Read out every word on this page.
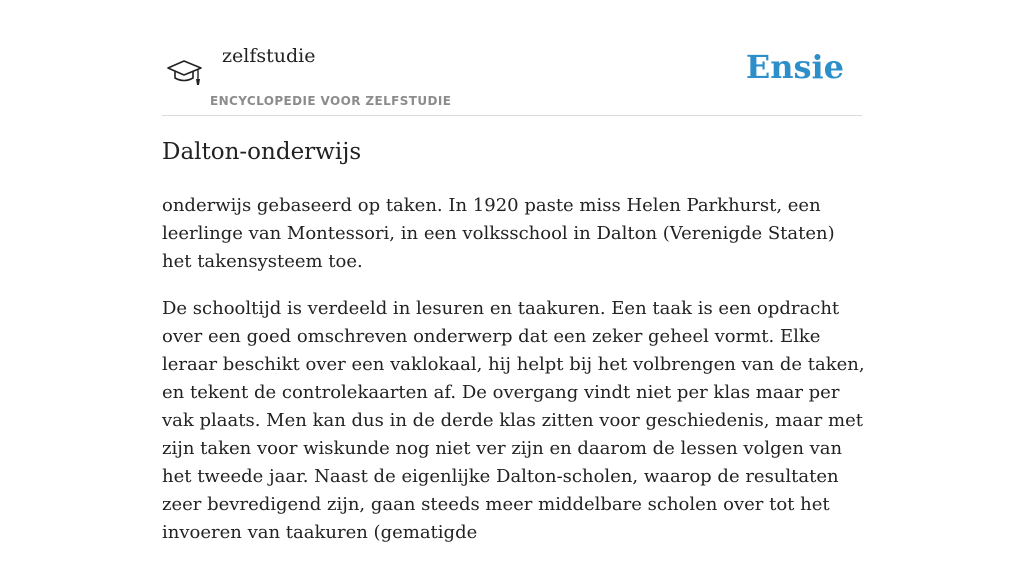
zelfstudie
ENCYCLOPEDIE VOOR ZELFSTUDIE
Ensie
Dalton-onderwijs

onderwijs gebaseerd op taken. In 1920 paste miss Helen Parkhurst, een leerlinge van Montessori, in een volksschool in Dalton (Verenigde Staten) het takensysteem toe.

De schooltijd is verdeeld in lesuren en taakuren. Een taak is een opdracht over een goed omschreven onderwerp dat een zeker geheel vormt. Elke leraar beschikt over een vaklokaal, hij helpt bij het volbrengen van de taken, en tekent de controlekaarten af. De overgang vindt niet per klas maar per vak plaats. Men kan dus in de derde klas zitten voor geschiedenis, maar met zijn taken voor wiskunde nog niet ver zijn en daarom de lessen volgen van het tweede jaar. Naast de eigenlijke Dalton-scholen, waarop de resultaten zeer bevredigend zijn, gaan steeds meer middelbare scholen over tot het invoeren van taakuren (gematigde
